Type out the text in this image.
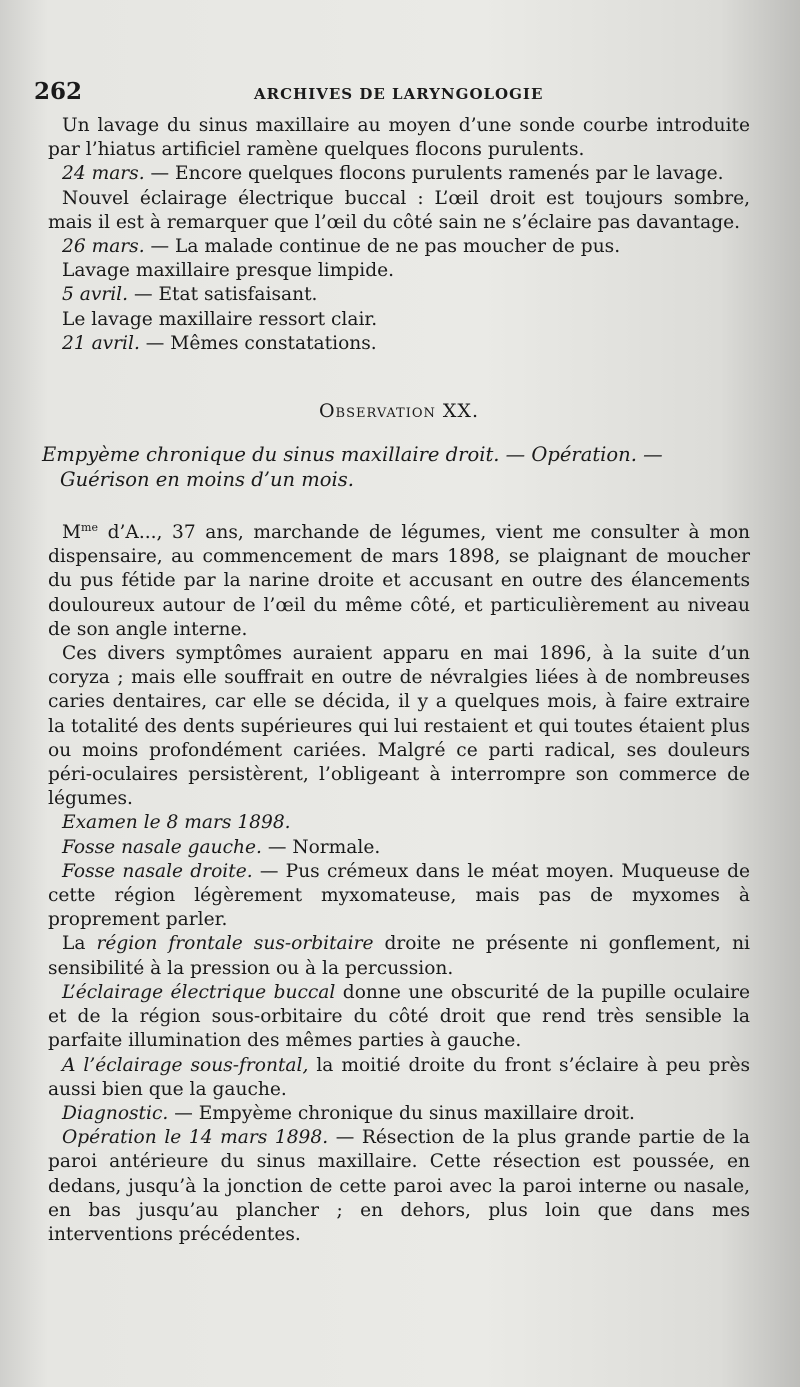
262	ARCHIVES DE LARYNGOLOGIE

Un lavage du sinus maxillaire au moyen d’une sonde courbe introduite par l’hiatus artificiel ramène quelques flocons purulents.

24 mars. — Encore quelques flocons purulents ramenés par le lavage.

Nouvel éclairage électrique buccal : L’œil droit est toujours sombre, mais il est à remarquer que l’œil du côté sain ne s’éclaire pas davantage.

26 mars. — La malade continue de ne pas moucher de pus.

Lavage maxillaire presque limpide.

5 avril. — Etat satisfaisant.

Le lavage maxillaire ressort clair.

21 avril. — Mêmes constatations.

Observation XX.
Empyème chronique du sinus maxillaire droit. — Opération. —
Guérison en moins d’un mois.

$M^{me}$ d’A..., 37 ans, marchande de légumes, vient me consulter à mon dispensaire, au commencement de mars 1898, se plaignant de moucher du pus fétide par la narine droite et accusant en outre des élancements douloureux autour de l’œil du même côté, et particulièrement au niveau de son angle interne.

Ces divers symptômes auraient apparu en mai 1896, à la suite d’un coryza ; mais elle souffrait en outre de névralgies liées à de nombreuses caries dentaires, car elle se décida, il y a quelques mois, à faire extraire la totalité des dents supérieures qui lui restaient et qui toutes étaient plus ou moins profondément cariées. Malgré ce parti radical, ses douleurs péri-oculaires persistèrent, l’obligeant à interrompre son commerce de légumes.

Examen le 8 mars 1898.

Fosse nasale gauche. — Normale.

Fosse nasale droite. — Pus crémeux dans le méat moyen. Muqueuse de cette région légèrement myxomateuse, mais pas de myxomes à proprement parler.

La région frontale sus-orbitaire droite ne présente ni gonflement, ni sensibilité à la pression ou à la percussion.

L’éclairage électrique buccal donne une obscurité de la pupille oculaire et de la région sous-orbitaire du côté droit que rend très sensible la parfaite illumination des mêmes parties à gauche.

A l’éclairage sous-frontal, la moitié droite du front s’éclaire à peu près aussi bien que la gauche.

Diagnostic. — Empyème chronique du sinus maxillaire droit.

Opération le 14 mars 1898. — Résection de la plus grande partie de la paroi antérieure du sinus maxillaire. Cette résection est poussée, en dedans, jusqu’à la jonction de cette paroi avec la paroi interne ou nasale, en bas jusqu’au plancher ; en dehors, plus loin que dans mes interventions précédentes.
